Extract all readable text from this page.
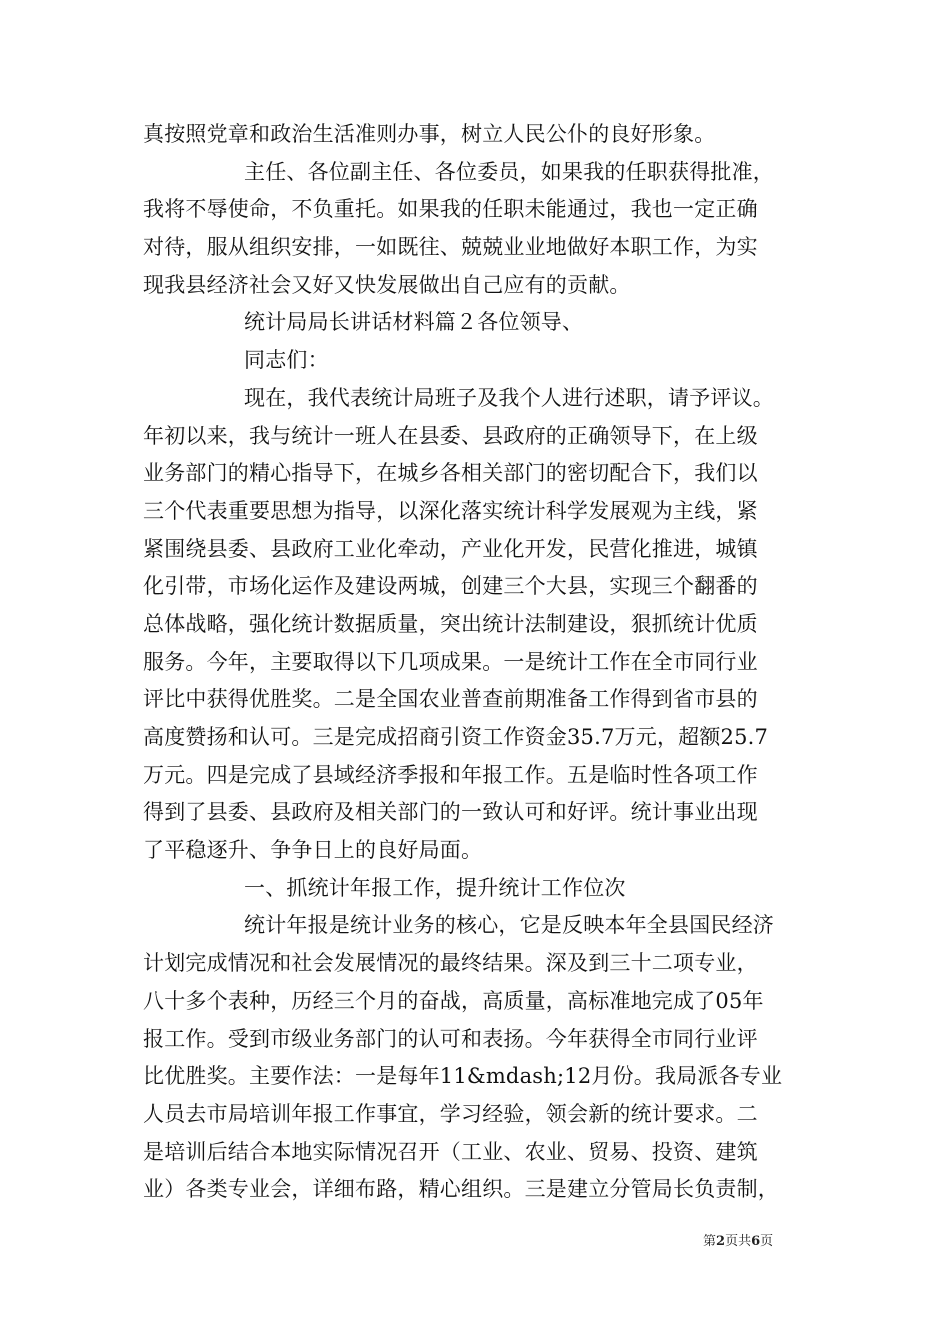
真按照党章和政治生活准则办事，树立人民公仆的良好形象。
主任、各位副主任、各位委员，如果我的任职获得批准，
我将不辱使命，不负重托。如果我的任职未能通过，我也一定正确
对待，服从组织安排，一如既往、兢兢业业地做好本职工作，为实
现我县经济社会又好又快发展做出自己应有的贡献。
统计局局长讲话材料篇２各位领导、
同志们：
现在，我代表统计局班子及我个人进行述职，请予评议。
年初以来，我与统计一班人在县委、县政府的正确领导下，在上级
业务部门的精心指导下，在城乡各相关部门的密切配合下，我们以
三个代表重要思想为指导，以深化落实统计科学发展观为主线，紧
紧围绕县委、县政府工业化牵动，产业化开发，民营化推进，城镇
化引带，市场化运作及建设两城，创建三个大县，实现三个翻番的
总体战略，强化统计数据质量，突出统计法制建设，狠抓统计优质
服务。今年，主要取得以下几项成果。一是统计工作在全市同行业
评比中获得优胜奖。二是全国农业普查前期准备工作得到省市县的
高度赞扬和认可。三是完成招商引资工作资金35.7万元，超额25.7
万元。四是完成了县域经济季报和年报工作。五是临时性各项工作
得到了县委、县政府及相关部门的一致认可和好评。统计事业出现
了平稳逐升、争争日上的良好局面。
一、抓统计年报工作，提升统计工作位次
统计年报是统计业务的核心，它是反映本年全县国民经济
计划完成情况和社会发展情况的最终结果。深及到三十二项专业，
八十多个表种，历经三个月的奋战，高质量，高标准地完成了05年
报工作。受到市级业务部门的认可和表扬。今年获得全市同行业评
比优胜奖。主要作法：一是每年11&mdash;12月份。我局派各专业
人员去市局培训年报工作事宜，学习经验，领会新的统计要求。二
是培训后结合本地实际情况召开（工业、农业、贸易、投资、建筑
业）各类专业会，详细布路，精心组织。三是建立分管局长负责制，
第2页共6页
